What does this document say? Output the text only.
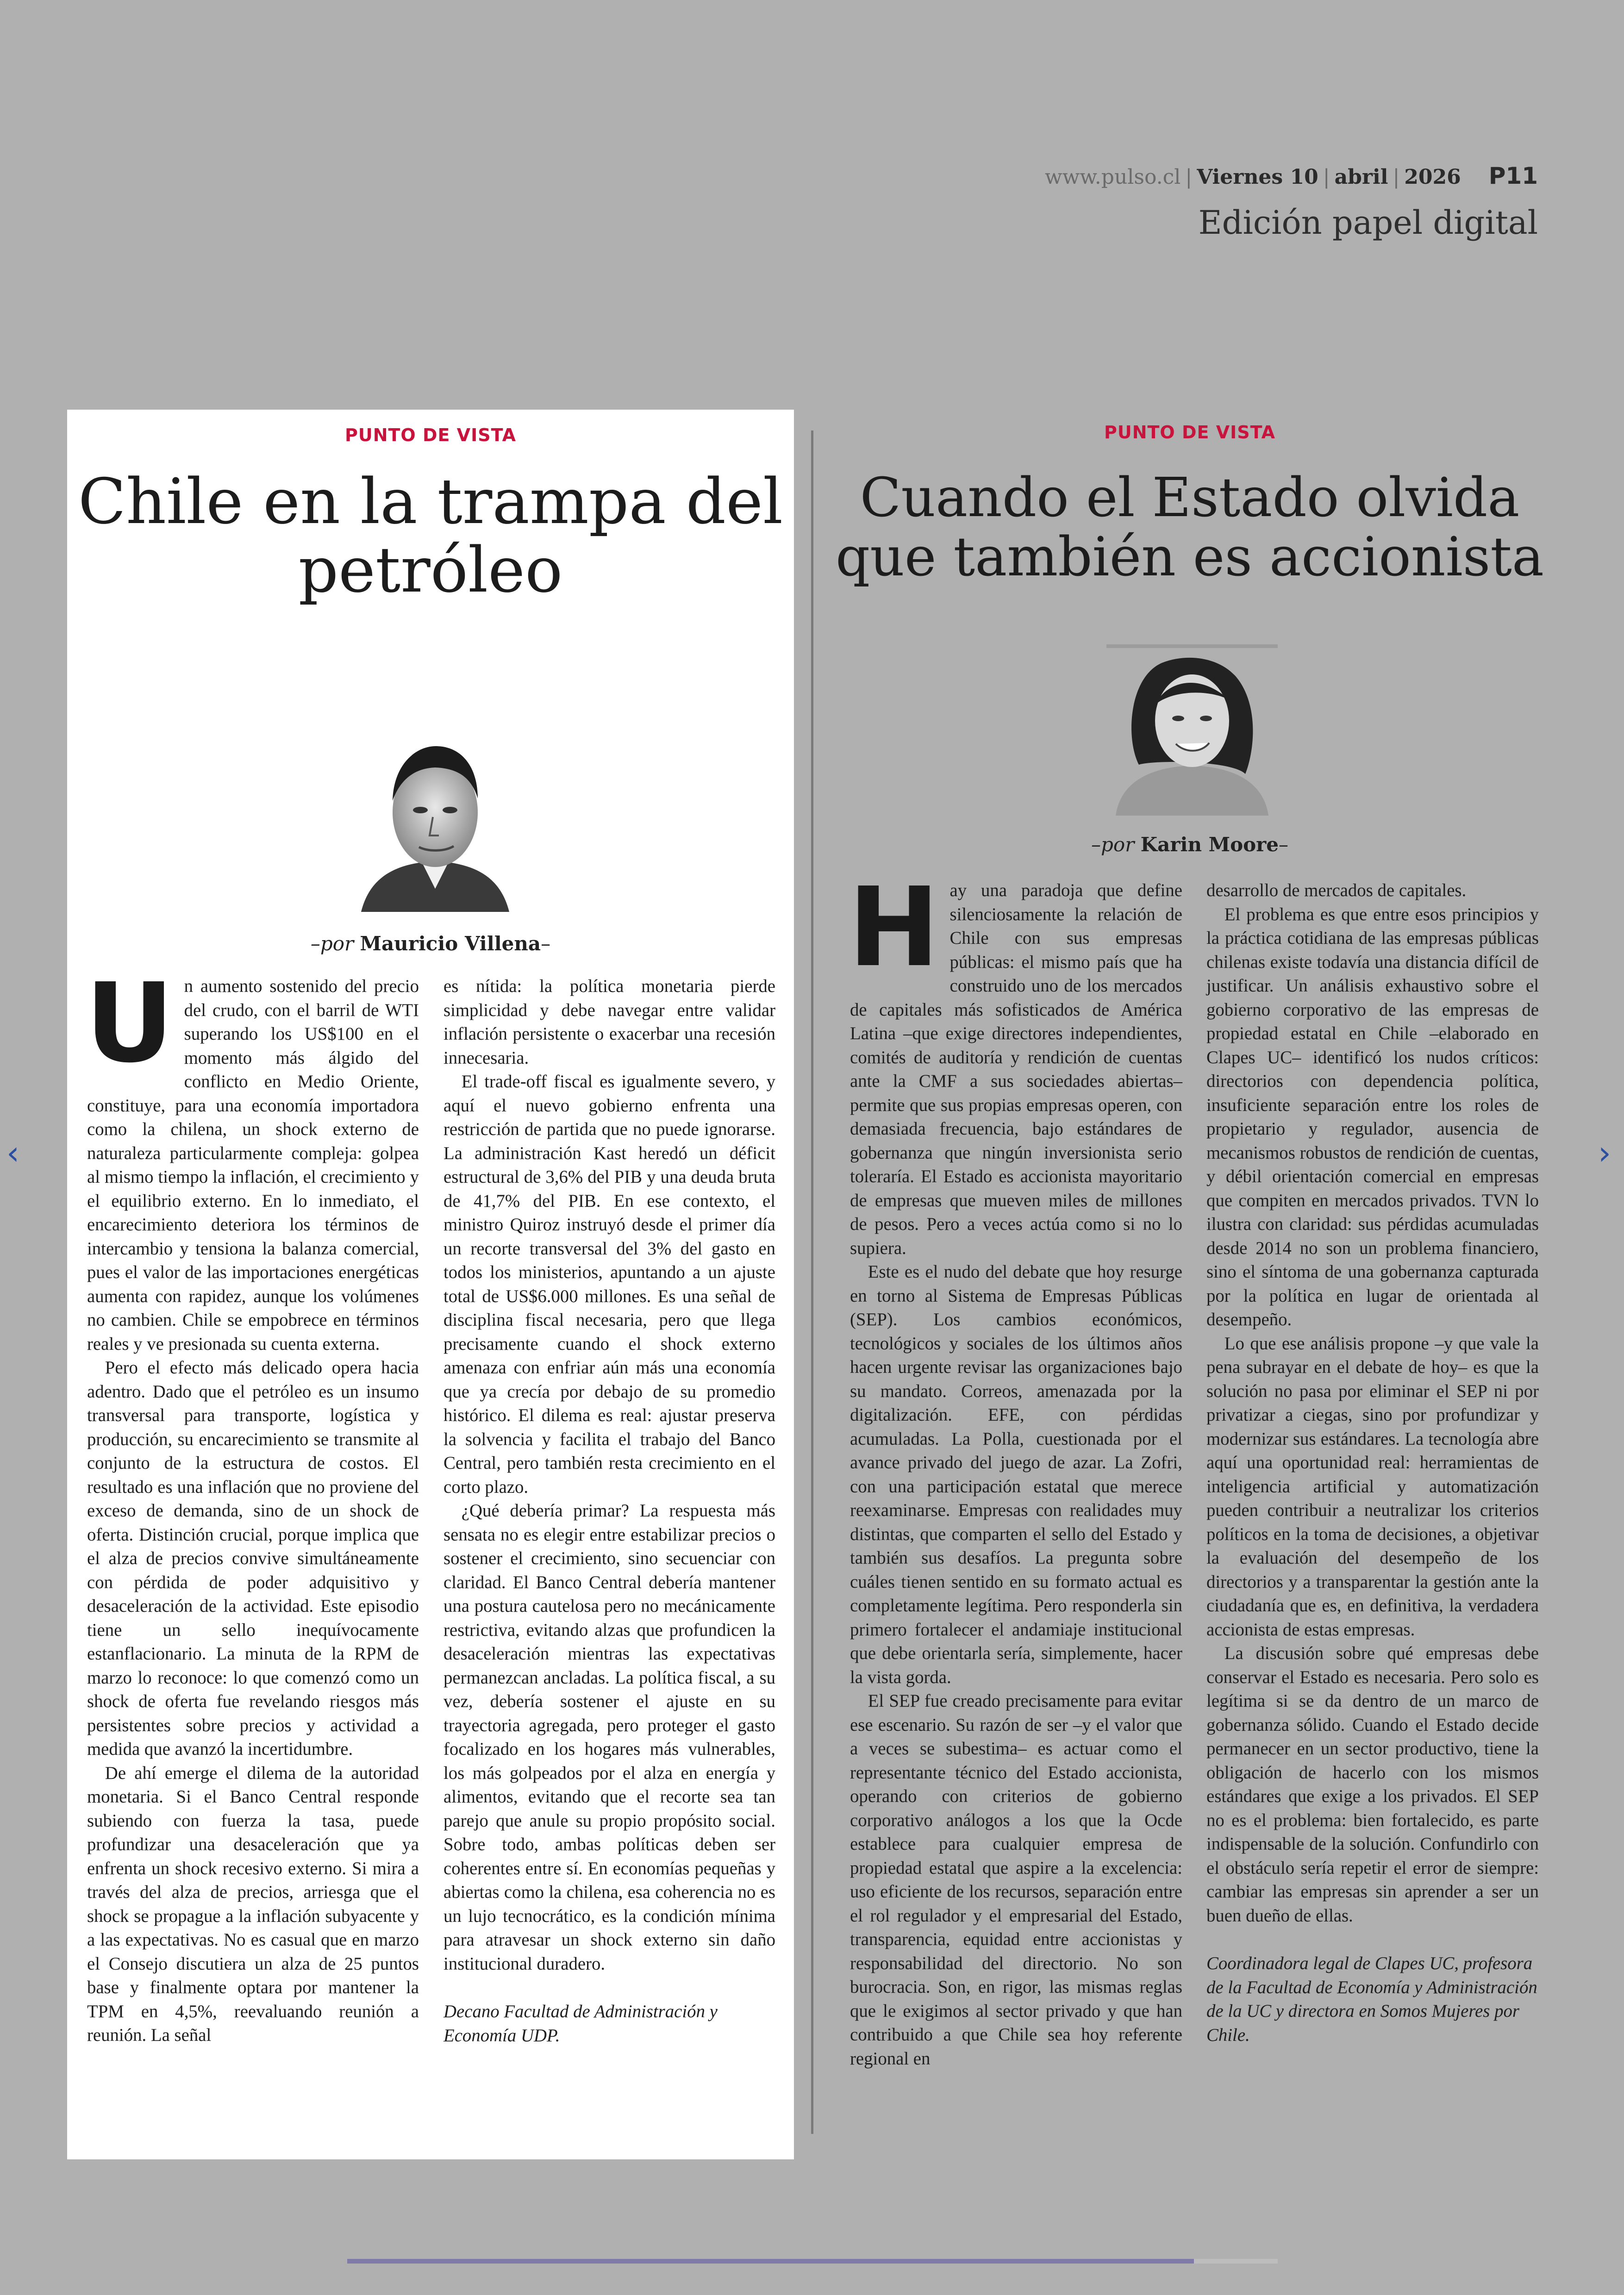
www.pulso.cl | Viernes 10 | abril | 2026 P11
Edición papel digital
PUNTO DE VISTA
Chile en la trampa del
petróleo
–por Mauricio Villena–
U n aumento sostenido del precio del crudo, con el barril de WTI superando los US$100 en el momento más álgido del conflicto en Medio Oriente, constituye, para una economía importadora como la chilena, un shock externo de naturaleza particularmente compleja: golpea al mismo tiempo la inflación, el crecimiento y el equilibrio externo. En lo inmediato, el encarecimiento deteriora los términos de intercambio y tensiona la balanza comercial, pues el valor de las importaciones energéticas aumenta con rapidez, aunque los volúmenes no cambien. Chile se empobrece en términos reales y ve presionada su cuenta externa.

Pero el efecto más delicado opera hacia adentro. Dado que el petróleo es un insumo transversal para transporte, logística y producción, su encarecimiento se transmite al conjunto de la estructura de costos. El resultado es una inflación que no proviene del exceso de demanda, sino de un shock de oferta. Distinción crucial, porque implica que el alza de precios convive simultáneamente con pérdida de poder adquisitivo y desaceleración de la actividad. Este episodio tiene un sello inequívocamente estanflacionario. La minuta de la RPM de marzo lo reconoce: lo que comenzó como un shock de oferta fue revelando riesgos más persistentes sobre precios y actividad a medida que avanzó la incertidumbre.

De ahí emerge el dilema de la autoridad monetaria. Si el Banco Central responde subiendo con fuerza la tasa, puede profundizar una desaceleración que ya enfrenta un shock recesivo externo. Si mira a través del alza de precios, arriesga que el shock se propague a la inflación subyacente y a las expectativas. No es casual que en marzo el Consejo discutiera un alza de 25 puntos base y finalmente optara por mantener la TPM en 4,5%, reevaluando reunión a reunión. La señal

es nítida: la política monetaria pierde simplicidad y debe navegar entre validar inflación persistente o exacerbar una recesión innecesaria.

El trade-off fiscal es igualmente severo, y aquí el nuevo gobierno enfrenta una restricción de partida que no puede ignorarse. La administración Kast heredó un déficit estructural de 3,6% del PIB y una deuda bruta de 41,7% del PIB. En ese contexto, el ministro Quiroz instruyó desde el primer día un recorte transversal del 3% del gasto en todos los ministerios, apuntando a un ajuste total de US$6.000 millones. Es una señal de disciplina fiscal necesaria, pero que llega precisamente cuando el shock externo amenaza con enfriar aún más una economía que ya crecía por debajo de su promedio histórico. El dilema es real: ajustar preserva la solvencia y facilita el trabajo del Banco Central, pero también resta crecimiento en el corto plazo.

¿Qué debería primar? La respuesta más sensata no es elegir entre estabilizar precios o sostener el crecimiento, sino secuenciar con claridad. El Banco Central debería mantener una postura cautelosa pero no mecánicamente restrictiva, evitando alzas que profundicen la desaceleración mientras las expectativas permanezcan ancladas. La política fiscal, a su vez, debería sostener el ajuste en su trayectoria agregada, pero proteger el gasto focalizado en los hogares más vulnerables, los más golpeados por el alza en energía y alimentos, evitando que el recorte sea tan parejo que anule su propio propósito social. Sobre todo, ambas políticas deben ser coherentes entre sí. En economías pequeñas y abiertas como la chilena, esa coherencia no es un lujo tecnocrático, es la condición mínima para atravesar un shock externo sin daño institucional duradero.

Decano Facultad de Administración y Economía UDP.

PUNTO DE VISTA
Cuando el Estado olvida
que también es accionista
–por Karin Moore–
H ay una paradoja que define silenciosamente la relación de Chile con sus empresas públicas: el mismo país que ha construido uno de los mercados de capitales más sofisticados de América Latina –que exige directores independientes, comités de auditoría y rendición de cuentas ante la CMF a sus sociedades abiertas– permite que sus propias empresas operen, con demasiada frecuencia, bajo estándares de gobernanza que ningún inversionista serio toleraría. El Estado es accionista mayoritario de empresas que mueven miles de millones de pesos. Pero a veces actúa como si no lo supiera.

Este es el nudo del debate que hoy resurge en torno al Sistema de Empresas Públicas (SEP). Los cambios económicos, tecnológicos y sociales de los últimos años hacen urgente revisar las organizaciones bajo su mandato. Correos, amenazada por la digitalización. EFE, con pérdidas acumuladas. La Polla, cuestionada por el avance privado del juego de azar. La Zofri, con una participación estatal que merece reexaminarse. Empresas con realidades muy distintas, que comparten el sello del Estado y también sus desafíos. La pregunta sobre cuáles tienen sentido en su formato actual es completamente legítima. Pero responderla sin primero fortalecer el andamiaje institucional que debe orientarla sería, simplemente, hacer la vista gorda.

El SEP fue creado precisamente para evitar ese escenario. Su razón de ser –y el valor que a veces se subestima– es actuar como el representante técnico del Estado accionista, operando con criterios de gobierno corporativo análogos a los que la Ocde establece para cualquier empresa de propiedad estatal que aspire a la excelencia: uso eficiente de los recursos, separación entre el rol regulador y el empresarial del Estado, transparencia, equidad entre accionistas y responsabilidad del directorio. No son burocracia. Son, en rigor, las mismas reglas que le exigimos al sector privado y que han contribuido a que Chile sea hoy referente regional en

desarrollo de mercados de capitales.

El problema es que entre esos principios y la práctica cotidiana de las empresas públicas chilenas existe todavía una distancia difícil de justificar. Un análisis exhaustivo sobre el gobierno corporativo de las empresas de propiedad estatal en Chile –elaborado en Clapes UC– identificó los nudos críticos: directorios con dependencia política, insuficiente separación entre los roles de propietario y regulador, ausencia de mecanismos robustos de rendición de cuentas, y débil orientación comercial en empresas que compiten en mercados privados. TVN lo ilustra con claridad: sus pérdidas acumuladas desde 2014 no son un problema financiero, sino el síntoma de una gobernanza capturada por la política en lugar de orientada al desempeño.

Lo que ese análisis propone –y que vale la pena subrayar en el debate de hoy– es que la solución no pasa por eliminar el SEP ni por privatizar a ciegas, sino por profundizar y modernizar sus estándares. La tecnología abre aquí una oportunidad real: herramientas de inteligencia artificial y automatización pueden contribuir a neutralizar los criterios políticos en la toma de decisiones, a objetivar la evaluación del desempeño de los directorios y a transparentar la gestión ante la ciudadanía que es, en definitiva, la verdadera accionista de estas empresas.

La discusión sobre qué empresas debe conservar el Estado es necesaria. Pero solo es legítima si se da dentro de un marco de gobernanza sólido. Cuando el Estado decide permanecer en un sector productivo, tiene la obligación de hacerlo con los mismos estándares que exige a los privados. El SEP no es el problema: bien fortalecido, es parte indispensable de la solución. Confundirlo con el obstáculo sería repetir el error de siempre: cambiar las empresas sin aprender a ser un buen dueño de ellas.

Coordinadora legal de Clapes UC, profesora de la Facultad de Economía y Administración de la UC y directora en Somos Mujeres por Chile.

‹	›
